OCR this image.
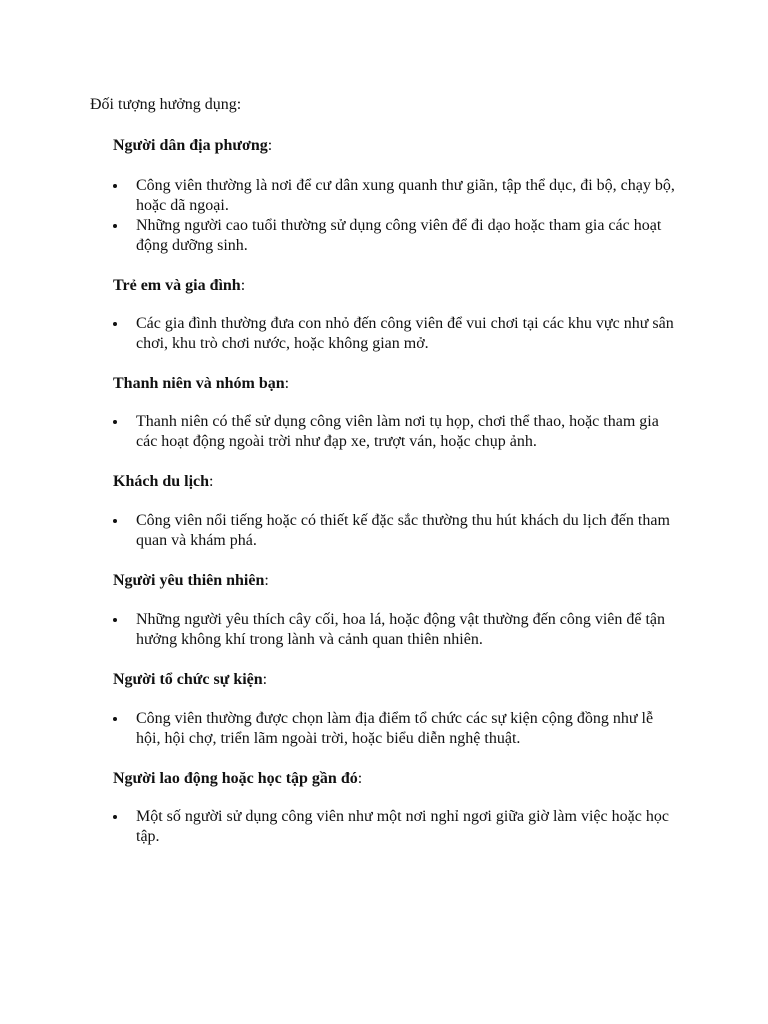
Đối tượng hưởng dụng:

Người dân địa phương:

Công viên thường là nơi để cư dân xung quanh thư giãn, tập thể dục, đi bộ, chạy bộ, hoặc dã ngoại.
Những người cao tuổi thường sử dụng công viên để đi dạo hoặc tham gia các hoạt động dưỡng sinh.

Trẻ em và gia đình:

Các gia đình thường đưa con nhỏ đến công viên để vui chơi tại các khu vực như sân chơi, khu trò chơi nước, hoặc không gian mở.

Thanh niên và nhóm bạn:

Thanh niên có thể sử dụng công viên làm nơi tụ họp, chơi thể thao, hoặc tham gia các hoạt động ngoài trời như đạp xe, trượt ván, hoặc chụp ảnh.

Khách du lịch:

Công viên nổi tiếng hoặc có thiết kế đặc sắc thường thu hút khách du lịch đến tham quan và khám phá.

Người yêu thiên nhiên:

Những người yêu thích cây cối, hoa lá, hoặc động vật thường đến công viên để tận hưởng không khí trong lành và cảnh quan thiên nhiên.

Người tổ chức sự kiện:

Công viên thường được chọn làm địa điểm tổ chức các sự kiện cộng đồng như lễ hội, hội chợ, triển lãm ngoài trời, hoặc biểu diễn nghệ thuật.

Người lao động hoặc học tập gần đó:

Một số người sử dụng công viên như một nơi nghỉ ngơi giữa giờ làm việc hoặc học tập.
